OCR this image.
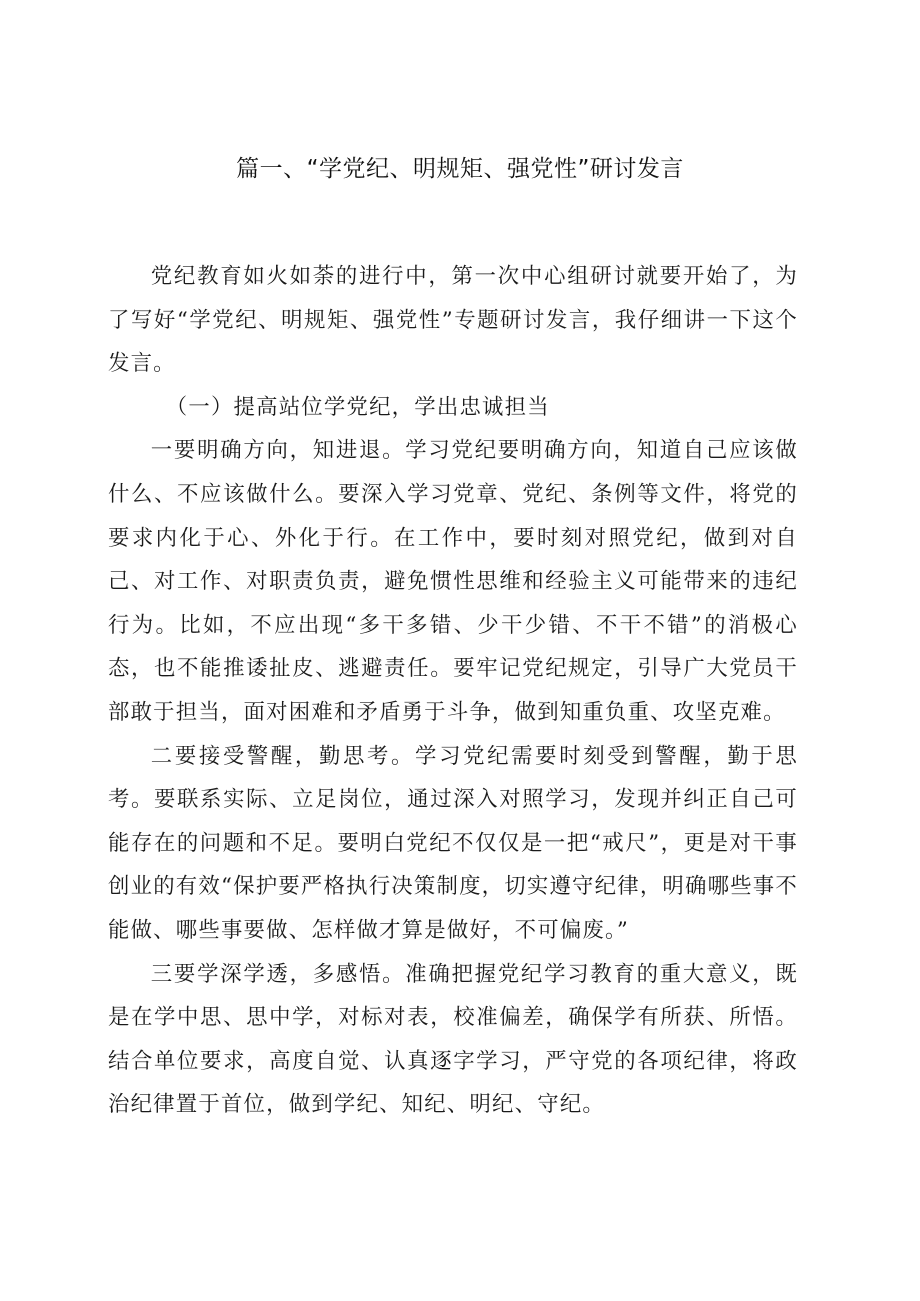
篇一、“学党纪、明规矩、强党性”研讨发言

党纪教育如火如荼的进行中，第一次中心组研讨就要开始了，为了写好“学党纪、明规矩、强党性”专题研讨发言，我仔细讲一下这个发言。

（一）提高站位学党纪，学出忠诚担当

一要明确方向，知进退。学习党纪要明确方向，知道自己应该做什么、不应该做什么。要深入学习党章、党纪、条例等文件，将党的要求内化于心、外化于行。在工作中，要时刻对照党纪，做到对自己、对工作、对职责负责，避免惯性思维和经验主义可能带来的违纪行为。比如，不应出现“多干多错、少干少错、不干不错”的消极心态，也不能推诿扯皮、逃避责任。要牢记党纪规定，引导广大党员干部敢于担当，面对困难和矛盾勇于斗争，做到知重负重、攻坚克难。

二要接受警醒，勤思考。学习党纪需要时刻受到警醒，勤于思考。要联系实际、立足岗位，通过深入对照学习，发现并纠正自己可能存在的问题和不足。要明白党纪不仅仅是一把“戒尺”，更是对干事创业的有效“保护要严格执行决策制度，切实遵守纪律，明确哪些事不能做、哪些事要做、怎样做才算是做好，不可偏废。”

三要学深学透，多感悟。准确把握党纪学习教育的重大意义，既是在学中思、思中学，对标对表，校准偏差，确保学有所获、所悟。结合单位要求，高度自觉、认真逐字学习，严守党的各项纪律，将政治纪律置于首位，做到学纪、知纪、明纪、守纪。
